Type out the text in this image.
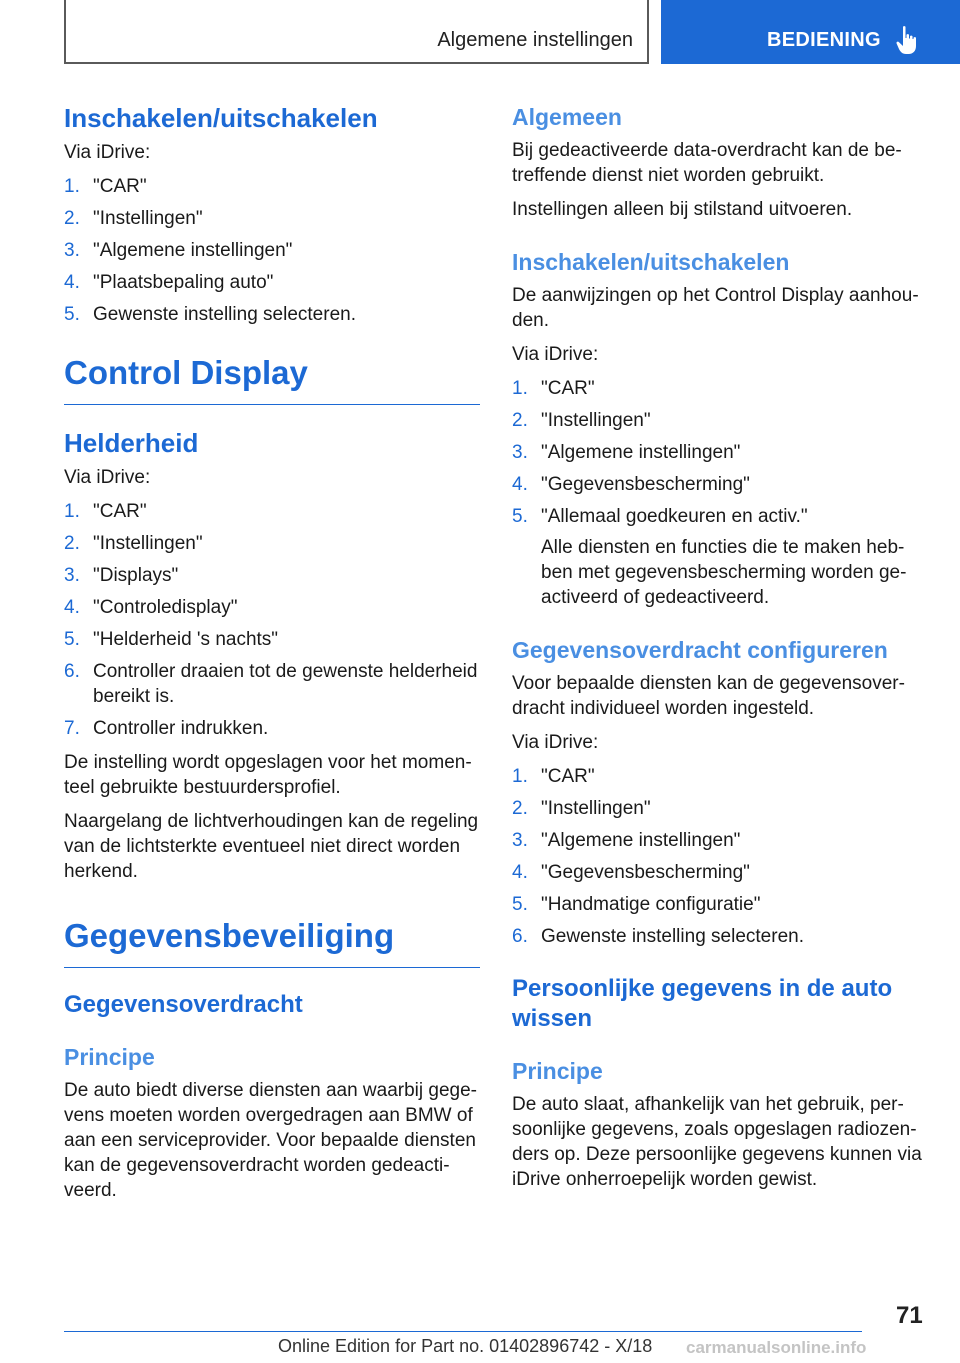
Algemene instellingen	BEDIENING
Inschakelen/uitschakelen

Via iDrive:

1. "CAR"
2. "Instellingen"
3. "Algemene instellingen"
4. "Plaatsbepaling auto"
5. Gewenste instelling selecteren.
Control Display
Helderheid

Via iDrive:

1. "CAR"
2. "Instellingen"
3. "Displays"
4. "Controledisplay"
5. "Helderheid 's nachts"
6. Controller draaien tot de gewenste helderheid bereikt is.
7. Controller indrukken.

De instelling wordt opgeslagen voor het momenteel gebruikte bestuurdersprofiel.

Naargelang de lichtverhoudingen kan de regeling van de lichtsterkte eventueel niet direct worden herkend.

Gegevensbeveiliging
Gegevensoverdracht
Principe

De auto biedt diverse diensten aan waarbij gegevens moeten worden overgedragen aan BMW of aan een serviceprovider. Voor bepaalde diensten kan de gegevensoverdracht worden gedeactiveerd.

Algemeen

Bij gedeactiveerde data-overdracht kan de betreffende dienst niet worden gebruikt.

Instellingen alleen bij stilstand uitvoeren.

Inschakelen/uitschakelen

De aanwijzingen op het Control Display aanhouden.

Via iDrive:

1. "CAR"
2. "Instellingen"
3. "Algemene instellingen"
4. "Gegevensbescherming"
5. "Allemaal goedkeuren en activ."
Alle diensten en functies die te maken hebben met gegevensbescherming worden geactiveerd of gedeactiveerd.
Gegevensoverdracht configureren

Voor bepaalde diensten kan de gegevensoverdracht individueel worden ingesteld.

Via iDrive:

1. "CAR"
2. "Instellingen"
3. "Algemene instellingen"
4. "Gegevensbescherming"
5. "Handmatige configuratie"
6. Gewenste instelling selecteren.
Persoonlijke gegevens in de auto wissen
Principe

De auto slaat, afhankelijk van het gebruik, persoonlijke gegevens, zoals opgeslagen radiozenders op. Deze persoonlijke gegevens kunnen via iDrive onherroepelijk worden gewist.

71
Online Edition for Part no. 01402896742 - X/18 carmanualsonline.info
